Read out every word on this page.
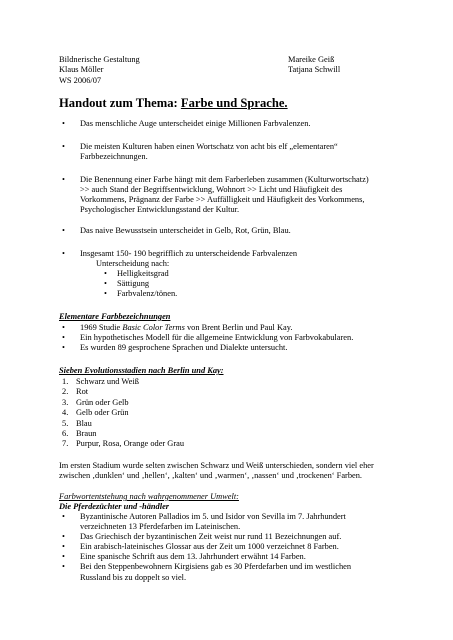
Bildnerische Gestaltung
Klaus Möller
WS 2006/07
Mareike Geiß
Tatjana Schwill
Handout zum Thema: Farbe und Sprache.
• Das menschliche Auge unterscheidet einige Millionen Farbvalenzen.
• Die meisten Kulturen haben einen Wortschatz von acht bis elf „elementaren“
Farbbezeichnungen.
• Die Benennung einer Farbe hängt mit dem Farberleben zusammen (Kulturwortschatz)
>> auch Stand der Begriffsentwicklung, Wohnort >> Licht und Häufigkeit des
Vorkommens, Prägnanz der Farbe >> Auffälligkeit und Häufigkeit des Vorkommens,
Psychologischer Entwicklungsstand der Kultur.
• Das naive Bewusstsein unterscheidet in Gelb, Rot, Grün, Blau.
• Insgesamt 150- 190 begrifflich zu unterscheidende Farbvalenzen
Unterscheidung nach:
• Helligkeitsgrad
• Sättigung
• Farbvalenz/tönen.
Elementare Farbbezeichnungen
• 1969 Studie Basic Color Terms von Brent Berlin und Paul Kay.
• Ein hypothetisches Modell für die allgemeine Entwicklung von Farbvokabularen.
• Es wurden 89 gesprochene Sprachen und Dialekte untersucht.
Sieben Evolutionsstadien nach Berlin und Kay:
1. Schwarz und Weiß
2. Rot
3. Grün oder Gelb
4. Gelb oder Grün
5. Blau
6. Braun
7. Purpur, Rosa, Orange oder Grau
Im ersten Stadium wurde selten zwischen Schwarz und Weiß unterschieden, sondern viel eher
zwischen ‚dunklen‘ und ‚hellen‘, ‚kalten‘ und ‚warmen‘, ‚nassen‘ und ‚trockenen‘ Farben.
Farbwortentstehung nach wahrgenommener Umwelt:
Die Pferdezüchter und -händler
• Byzantinische Autoren Palladios im 5. und Isidor von Sevilla im 7. Jahrhundert
verzeichneten 13 Pferdefarben im Lateinischen.
• Das Griechisch der byzantinischen Zeit weist nur rund 11 Bezeichnungen auf.
• Ein arabisch-lateinisches Glossar aus der Zeit um 1000 verzeichnet 8 Farben.
• Eine spanische Schrift aus dem 13. Jahrhundert erwähnt 14 Farben.
• Bei den Steppenbewohnern Kirgisiens gab es 30 Pferdefarben und im westlichen
Russland bis zu doppelt so viel.
